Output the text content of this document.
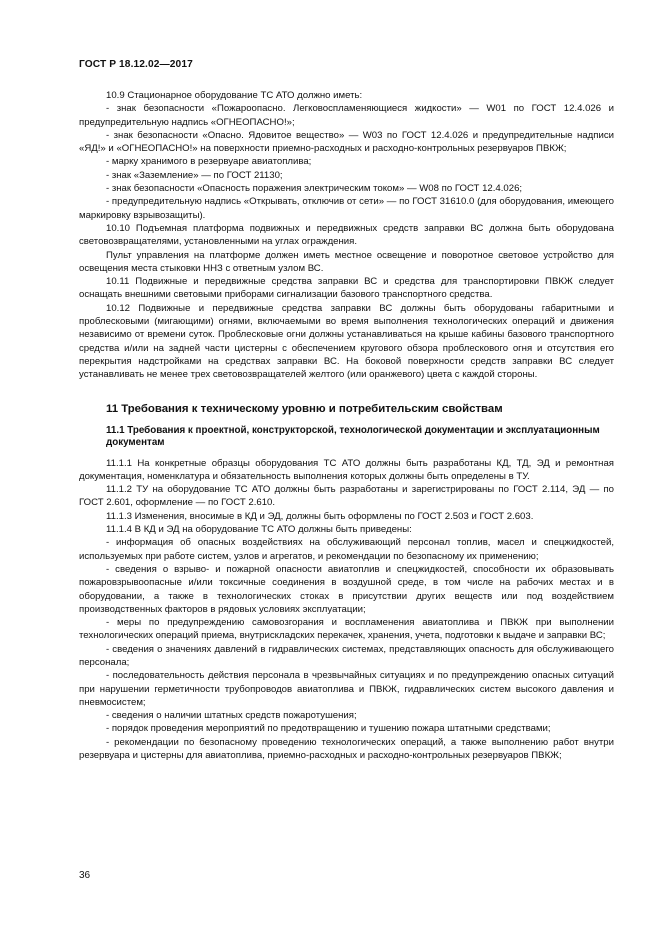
ГОСТ Р 18.12.02—2017

10.9 Стационарное оборудование ТС АТО должно иметь:

- знак безопасности «Пожароопасно. Легковоспламеняющиеся жидкости» — W01 по ГОСТ 12.4.026 и предупредительную надпись «ОГНЕОПАСНО!»;

- знак безопасности «Опасно. Ядовитое вещество» — W03 по ГОСТ 12.4.026 и предупредительные надписи «ЯД!» и «ОГНЕОПАСНО!» на поверхности приемно-расходных и расходно-контрольных резервуаров ПВКЖ;

- марку хранимого в резервуаре авиатоплива;

- знак «Заземление» — по ГОСТ 21130;

- знак безопасности «Опасность поражения электрическим током» — W08 по ГОСТ 12.4.026;

- предупредительную надпись «Открывать, отключив от сети» — по ГОСТ 31610.0 (для оборудования, имеющего маркировку взрывозащиты).

10.10 Подъемная платформа подвижных и передвижных средств заправки ВС должна быть оборудована световозвращателями, установленными на углах ограждения.

Пульт управления на платформе должен иметь местное освещение и поворотное световое устройство для освещения места стыковки ННЗ с ответным узлом ВС.

10.11 Подвижные и передвижные средства заправки ВС и средства для транспортировки ПВКЖ следует оснащать внешними световыми приборами сигнализации базового транспортного средства.

10.12 Подвижные и передвижные средства заправки ВС должны быть оборудованы габаритными и проблесковыми (мигающими) огнями, включаемыми во время выполнения технологических операций и движения независимо от времени суток. Проблесковые огни должны устанавливаться на крыше кабины базового транспортного средства и/или на задней части цистерны с обеспечением кругового обзора проблескового огня и отсутствия его перекрытия надстройками на средствах заправки ВС. На боковой поверхности средств заправки ВС следует устанавливать не менее трех световозвращателей желтого (или оранжевого) цвета с каждой стороны.

11 Требования к техническому уровню и потребительским свойствам
11.1 Требования к проектной, конструкторской, технологической документации и эксплуатационным документам

11.1.1 На конкретные образцы оборудования ТС АТО должны быть разработаны КД, ТД, ЭД и ремонтная документация, номенклатура и обязательность выполнения которых должны быть определены в ТУ.

11.1.2 ТУ на оборудование ТС АТО должны быть разработаны и зарегистрированы по ГОСТ 2.114, ЭД — по ГОСТ 2.601, оформление — по ГОСТ 2.610.

11.1.3 Изменения, вносимые в КД и ЭД, должны быть оформлены по ГОСТ 2.503 и ГОСТ 2.603.

11.1.4 В КД и ЭД на оборудование ТС АТО должны быть приведены:

- информация об опасных воздействиях на обслуживающий персонал топлив, масел и спецжидкостей, используемых при работе систем, узлов и агрегатов, и рекомендации по безопасному их применению;

- сведения о взрыво- и пожарной опасности авиатоплив и спецжидкостей, способности их образовывать пожаровзрывоопасные и/или токсичные соединения в воздушной среде, в том числе на рабочих местах и в оборудовании, а также в технологических стоках в присутствии других веществ или под воздействием производственных факторов в рядовых условиях эксплуатации;

- меры по предупреждению самовозгорания и воспламенения авиатоплива и ПВКЖ при выполнении технологических операций приема, внутрискладских перекачек, хранения, учета, подготовки к выдаче и заправки ВС;

- сведения о значениях давлений в гидравлических системах, представляющих опасность для обслуживающего персонала;

- последовательность действия персонала в чрезвычайных ситуациях и по предупреждению опасных ситуаций при нарушении герметичности трубопроводов авиатоплива и ПВКЖ, гидравлических систем высокого давления и пневмосистем;

- сведения о наличии штатных средств пожаротушения;

- порядок проведения мероприятий по предотвращению и тушению пожара штатными средствами;

- рекомендации по безопасному проведению технологических операций, а также выполнению работ внутри резервуара и цистерны для авиатоплива, приемно-расходных и расходно-контрольных резервуаров ПВКЖ;

36
